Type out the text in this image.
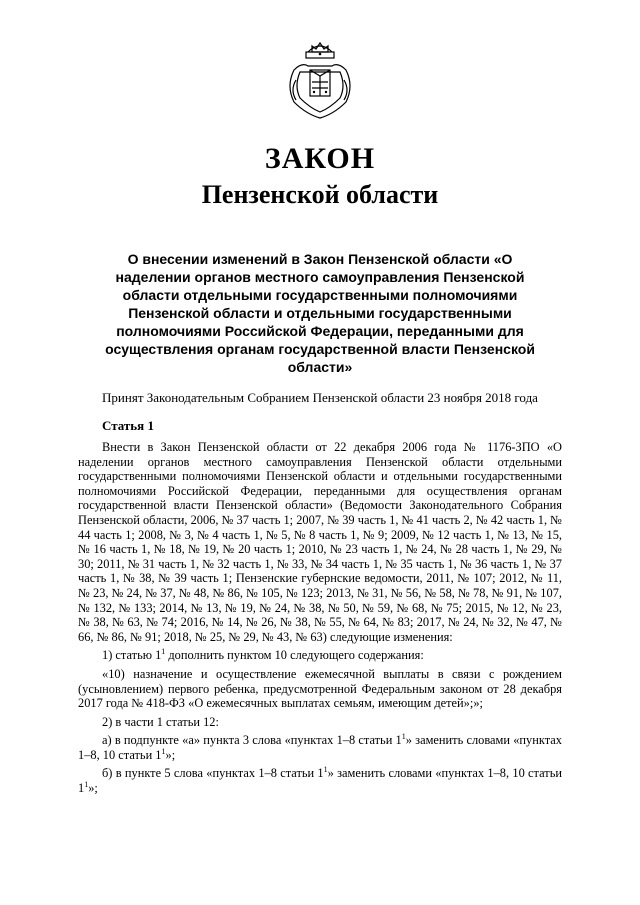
ЗАКОН
Пензенской области
О внесении изменений в Закон Пензенской области «О наделении органов местного самоуправления Пензенской области отдельными государственными полномочиями Пензенской области и отдельными государственными полномочиями Российской Федерации, переданными для осуществления органам государственной власти Пензенской области»
Принят Законодательным Собранием Пензенской области 23 ноября 2018 года
Статья 1

Внести в Закон Пензенской области от 22 декабря 2006 года № 1176-ЗПО «О наделении органов местного самоуправления Пензенской области отдельными государственными полномочиями Пензенской области и отдельными государственными полномочиями Российской Федерации, переданными для осуществления органам государственной власти Пензенской области» (Ведомости Законодательного Собрания Пензенской области, 2006, № 37 часть 1; 2007, № 39 часть 1, № 41 часть 2, № 42 часть 1, № 44 часть 1; 2008, № 3, № 4 часть 1, № 5, № 8 часть 1, № 9; 2009, № 12 часть 1, № 13, № 15, № 16 часть 1, № 18, № 19, № 20 часть 1; 2010, № 23 часть 1, № 24, № 28 часть 1, № 29, № 30; 2011, № 31 часть 1, № 32 часть 1, № 33, № 34 часть 1, № 35 часть 1, № 36 часть 1, № 37 часть 1, № 38, № 39 часть 1; Пензенские губернские ведомости, 2011, № 107; 2012, № 11, № 23, № 24, № 37, № 48, № 86, № 105, № 123; 2013, № 31, № 56, № 58, № 78, № 91, № 107, № 132, № 133; 2014, № 13, № 19, № 24, № 38, № 50, № 59, № 68, № 75; 2015, № 12, № 23, № 38, № 63, № 74; 2016, № 14, № 26, № 38, № 55, № 64, № 83; 2017, № 24, № 32, № 47, № 66, № 86, № 91; 2018, № 25, № 29, № 43, № 63) следующие изменения:

1) статью $1^1$ дополнить пунктом 10 следующего содержания:

«10) назначение и осуществление ежемесячной выплаты в связи с рождением (усыновлением) первого ребенка, предусмотренной Федеральным законом от 28 декабря 2017 года № 418-ФЗ «О ежемесячных выплатах семьям, имеющим детей»;»;

2) в части 1 статьи 12:

а) в подпункте «а» пункта 3 слова «пунктах 1–8 статьи $1^1$» заменить словами «пунктах 1–8, 10 статьи $1^1$»;

б) в пункте 5 слова «пунктах 1–8 статьи $1^1$» заменить словами «пунктах 1–8, 10 статьи $1^1$»;
